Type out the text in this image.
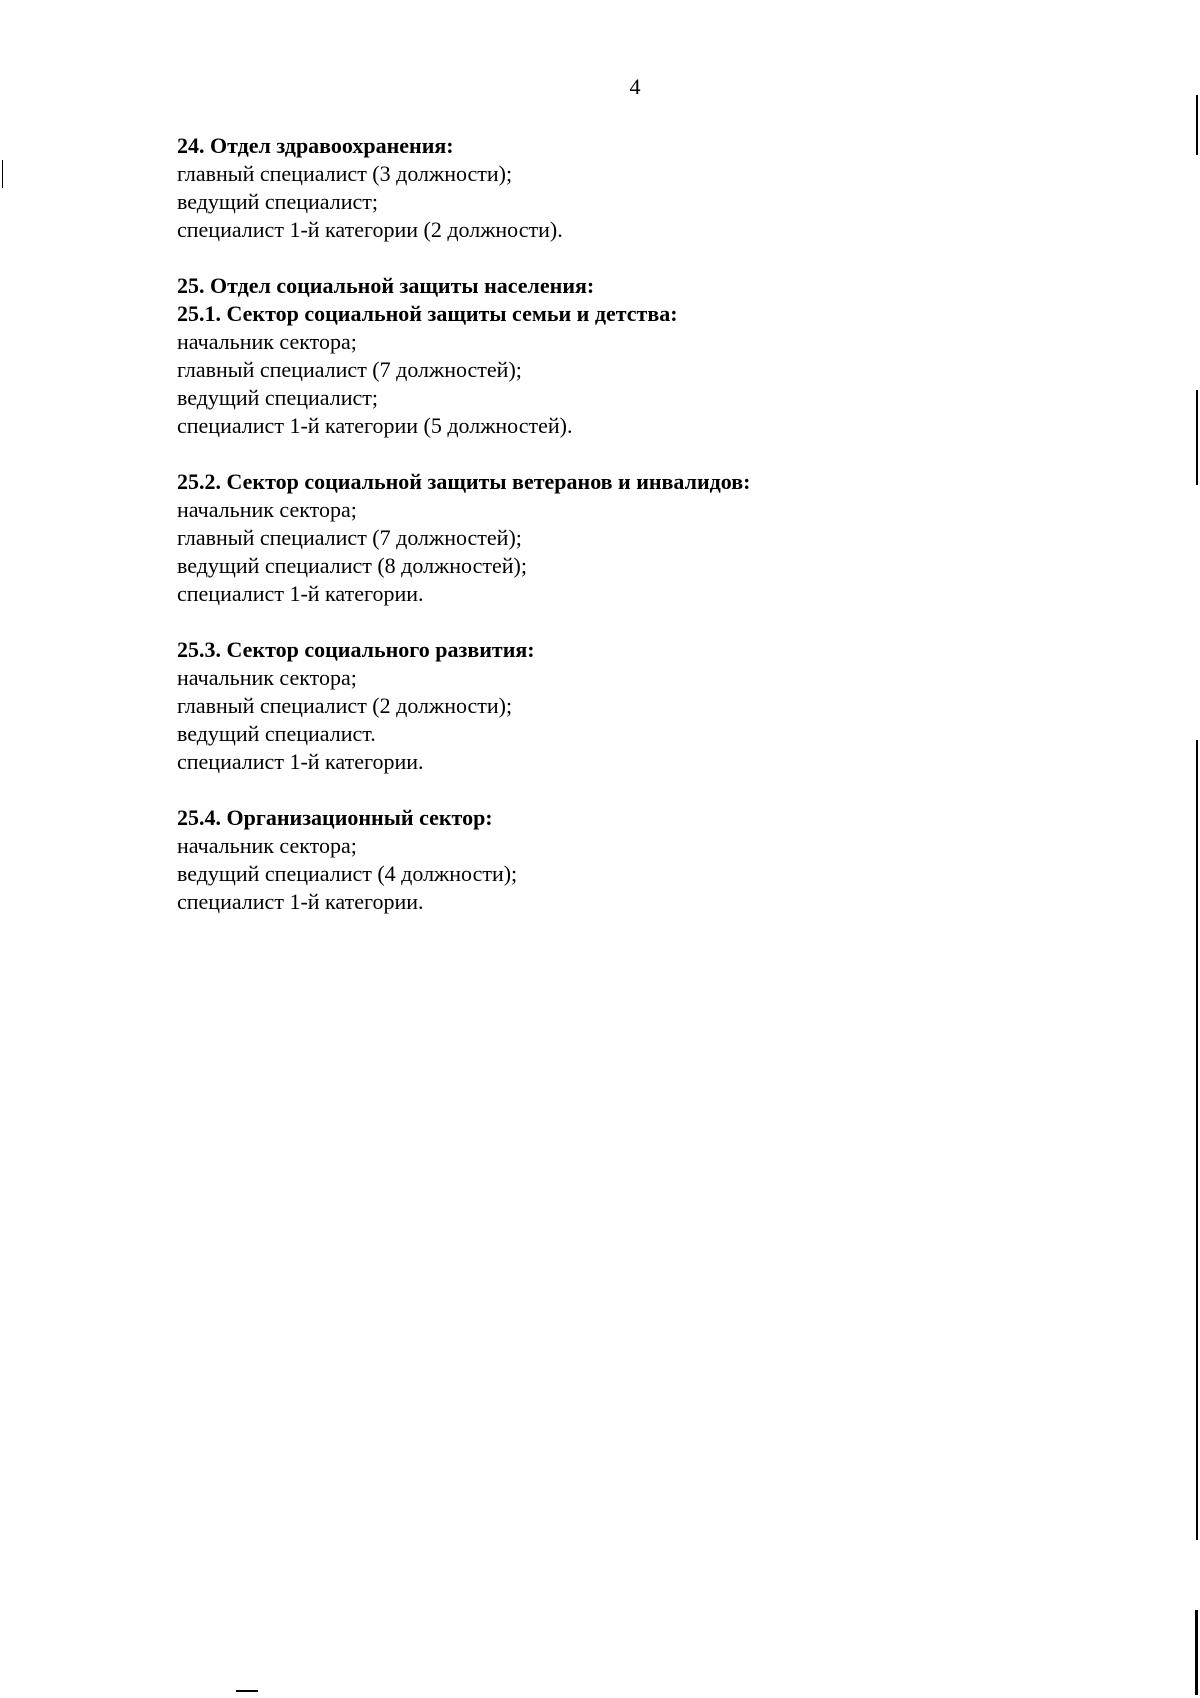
4
24. Отдел здравоохранения:
главный специалист (3 должности);
ведущий специалист;
специалист 1-й категории (2 должности).
25. Отдел социальной защиты населения:
25.1. Сектор социальной защиты семьи и детства:
начальник сектора;
главный специалист (7 должностей);
ведущий специалист;
специалист 1-й категории (5 должностей).
25.2. Сектор социальной защиты ветеранов и инвалидов:
начальник сектора;
главный специалист (7 должностей);
ведущий специалист (8 должностей);
специалист 1-й категории.
25.3. Сектор социального развития:
начальник сектора;
главный специалист (2 должности);
ведущий специалист.
специалист 1-й категории.
25.4. Организационный сектор:
начальник сектора;
ведущий специалист (4 должности);
специалист 1-й категории.
